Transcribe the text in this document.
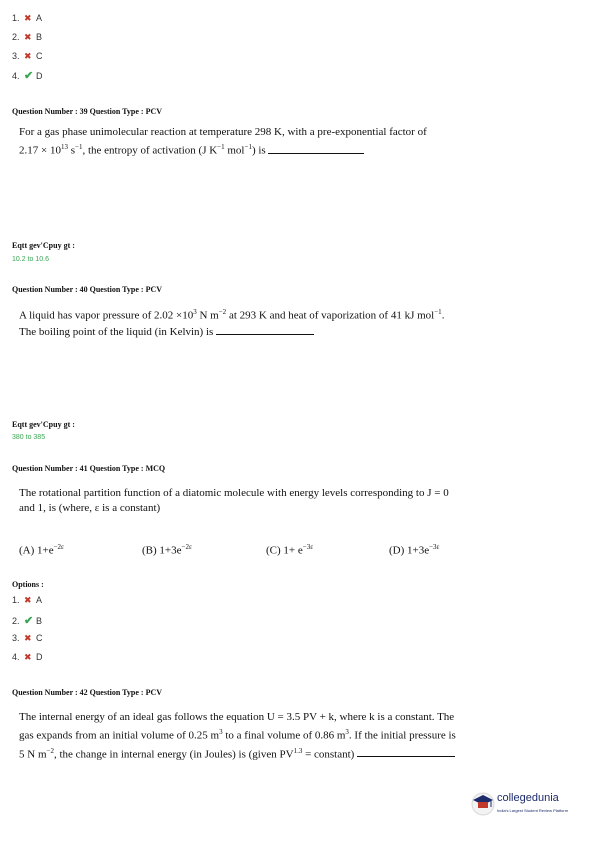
1. ✖ A
2. ✖ B
3. ✖ C
4. ✔ D
Question Number : 39 Question Type : PCV
For a gas phase unimolecular reaction at temperature 298 K, with a pre-exponential factor of
$2.17 \times 10^{13}$ $s^{-1}$, the entropy of activation (J $K^{-1}$ mol$^{-1}$) is
Eqtt gev'Cpuy gt :
10.2 to 10.6
Question Number : 40 Question Type : PCV
A liquid has vapor pressure of $2.02 \times 10^3$ N $m^{-2}$ at 293 K and heat of vaporization of 41 kJ mol$^{-1}$.
The boiling point of the liquid (in Kelvin) is
Eqtt gev'Cpuy gt :
380 to 385
Question Number : 41 Question Type : MCQ
The rotational partition function of a diatomic molecule with energy levels corresponding to J = 0
and 1, is (where, ε is a constant)
(A) $1+e^{-2\varepsilon}$	(B) $1+3e^{-2\varepsilon}$	(C) $1+ e^{-3\varepsilon}$	(D) $1+3e^{-3\varepsilon}$
Options :
1. ✖ A
2. ✔ B
3. ✖ C
4. ✖ D
Question Number : 42 Question Type : PCV
The internal energy of an ideal gas follows the equation U = 3.5 PV + k, where k is a constant. The
gas expands from an initial volume of 0.25 $m^3$ to a final volume of 0.86 $m^3$. If the initial pressure is
5 N $m^{-2}$, the change in internal energy (in Joules) is (given $PV^{1.3}$ = constant)
collegedunia
India's Largest Student Review Platform
